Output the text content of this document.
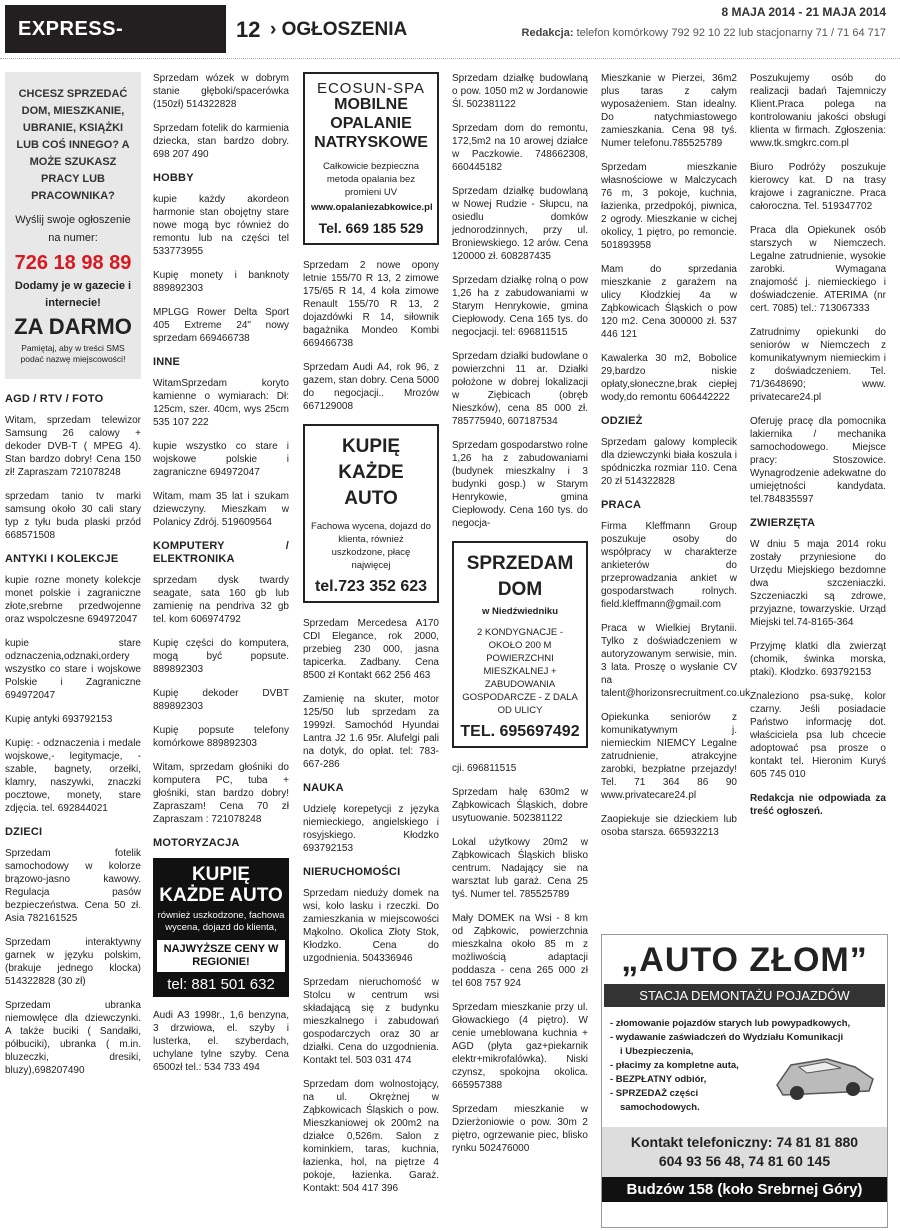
EXPRESS-	12 › OGŁOSZENIA
8 MAJA 2014 - 21 MAJA 2014
Redakcja: telefon komórkowy 792 92 10 22 lub stacjonarny 71 / 71 64 717
CHCESZ SPRZEDAĆ DOM, MIESZKANIE, UBRANIE, KSIĄŻKI LUB COŚ INNEGO? A MOŻE SZUKASZ PRACY LUB PRACOWNIKA?
Wyślij swoje ogłoszenie na numer:
726 18 98 89
Dodamy je w gazecie i internecie!
ZA DARMO
Pamiętaj, aby w treści SMS podać nazwę miejscowości!
AGD / RTV / FOTO

Witam, sprzedam telewizor Samsung 26 calowy + dekoder DVB-T ( MPEG 4). Stan bardzo dobry! Cena 150 zł! Zapraszam 721078248

sprzedam tanio tv marki samsung około 30 cali stary typ z tyłu buda plaski przód 668571508

ANTYKI I KOLEKCJE

kupie rozne monety kolekcje monet polskie i zagraniczne złote,srebrne przedwojenne oraz wspolczesne 694972047

kupie stare odznaczenia,odznaki,ordery wszystko co stare i wojskowe Polskie i Zagraniczne 694972047

Kupię antyki 693792153

Kupię: - odznaczenia i medale wojskowe,- legitymacje, - szable, bagnety, orzełki, klamry, naszywki, znaczki pocztowe, monety, stare zdjęcia. tel. 692844021

DZIECI

Sprzedam fotelik samochodowy w kolorze brązowo-jasno kawowy. Regulacja pasów bezpieczeństwa. Cena 50 zł. Asia 782161525

Sprzedam interaktywny garnek w języku polskim,(brakuje jednego klocka) 514322828 (30 zł)

Sprzedam ubranka niemowlęce dla dziewczynki. A także buciki ( Sandałki, półbuciki), ubranka ( m.in. bluzeczki, dresiki, bluzy),698207490

Sprzedam wózek w dobrym stanie głęboki/spacerówka (150zł) 514322828

Sprzedam fotelik do karmienia dziecka, stan bardzo dobry. 698 207 490

HOBBY

kupie każdy akordeon harmonie stan obojętny stare nowe mogą byc również do remontu lub na części tel 533773955

Kupię monety i banknoty 889892303

MPLGG Rower Delta Sport 405 Extreme 24" nowy sprzedam 669466738

INNE

WitamSprzedam koryto kamienne o wymiarach: Dł: 125cm, szer. 40cm, wys 25cm 535 107 222

kupie wszystko co stare i wojskowe polskie i zagraniczne 694972047

Witam, mam 35 lat i szukam dziewczyny. Mieszkam w Polanicy Zdrój. 519609564

KOMPUTERY / ELEKTRONIKA

sprzedam dysk twardy seagate, sata 160 gb lub zamienię na pendriva 32 gb tel. kom 606974792

Kupię części do komputera, mogą być popsute. 889892303

Kupię dekoder DVBT 889892303

Kupię popsute telefony komórkowe 889892303

Witam, sprzedam głośniki do komputera PC, tuba + głośniki, stan bardzo dobry! Zapraszam! Cena 70 zł Zapraszam : 721078248

MOTORYZACJA
KUPIĘ KAŻDE AUTO
również uszkodzone, fachowa wycena, dojazd do klienta,
NAJWYŻSZE CENY W REGIONIE!
tel: 881 501 632

Audi A3 1998r., 1,6 benzyna, 3 drzwiowa, el. szyby i lusterka, el. szyberdach, uchylane tylne szyby. Cena 6500zł tel.: 534 733 494

ECOSUN-SPA
MOBILNE OPALANIE NATRYSKOWE
Całkowicie bezpieczna metoda opalania bez promieni UV
www.opalaniezabkowice.pl
Tel. 669 185 529

Sprzedam 2 nowe opony letnie 155/70 R 13, 2 zimowe 175/65 R 14, 4 koła zimowe Renault 155/70 R 13, 2 dojazdówki R 14, siłownik bagażnika Mondeo Kombi 669466738

Sprzedam Audi A4, rok 96, z gazem, stan dobry. Cena 5000 do negocjacji.. Mrozów 667129008

KUPIĘ KAŻDE AUTO
Fachowa wycena, dojazd do klienta, również uszkodzone, płacę najwięcej
tel.723 352 623

Sprzedam Mercedesa A170 CDI Elegance, rok 2000, przebieg 230 000, jasna tapicerka. Zadbany. Cena 8500 zł Kontakt 662 256 463

Zamienię na skuter, motor 125/50 lub sprzedam za 1999zł. Samochód Hyundai Lantra J2 1.6 95r. Alufelgi pali na dotyk, do opłat. tel: 783-667-286

NAUKA

Udzielę korepetycji z języka niemieckiego, angielskiego i rosyjskiego. Kłodzko 693792153

NIERUCHOMOŚCI

Sprzedam nieduży domek na wsi, koło lasku i rzeczki. Do zamieszkania w miejscowości Mąkolno. Okolica Złoty Stok, Kłodzko. Cena do uzgodnienia. 504336946

Sprzedam nieruchomość w Stolcu w centrum wsi składającą się z budynku mieszkalnego i zabudowań gospodarczych oraz 30 ar działki. Cena do uzgodnienia. Kontakt tel. 503 031 474

Sprzedam dom wolnostojący, na ul. Okrężnej w Ząbkowicach Śląskich o pow. Mieszkaniowej ok 200m2 na działce 0,526m. Salon z kominkiem, taras, kuchnia, łazienka, hol, na piętrze 4 pokoje, łazienka. Garaż. Kontakt: 504 417 396

Sprzedam działkę budowlaną o pow. 1050 m2 w Jordanowie Śl. 502381122

Sprzedam dom do remontu, 172,5m2 na 10 arowej działce w Paczkowie. 748662308, 660445182

Sprzedam działkę budowlaną w Nowej Rudzie - Słupcu, na osiedlu domków jednorodzinnych, przy ul. Broniewskiego. 12 arów. Cena 120000 zł. 608287435

Sprzedam działkę rolną o pow 1,26 ha z zabudowaniami w Starym Henrykowie, gmina Ciepłowody. Cena 165 tys. do negocjacji. tel: 696811515

Sprzedam działki budowlane o powierzchni 11 ar. Działki położone w dobrej lokalizacji w Ziębicach (obręb Nieszków), cena 85 000 zł. 785775940, 607187534

Sprzedam gospodarstwo rolne 1,26 ha z zabudowaniami (budynek mieszkalny i 3 budynki gosp.) w Starym Henrykowie, gmina Ciepłowody. Cena 160 tys. do negocja-

SPRZEDAM DOM
w Niedźwiedniku
2 KONDYGNACJE - OKOŁO 200 M POWIERZCHNI MIESZKALNEJ + ZABUDOWANIA GOSPODARCZE - Z DALA OD ULICY
TEL. 695697492

cji. 696811515

Sprzedam halę 630m2 w Ząbkowicach Śląskich, dobre usytuowanie. 502381122

Lokal użytkowy 20m2 w Ząbkowicach Śląskich blisko centrum. Nadający sie na warsztat lub garaż. Cena 25 tyś. Numer tel. 785525789

Mały DOMEK na Wsi - 8 km od Ząbkowic, powierzchnia mieszkalna około 85 m z możliwością adaptacji poddasza - cena 265 000 zł tel 608 757 924

Sprzedam mieszkanie przy ul. Głowackiego (4 piętro). W cenie umeblowana kuchnia + AGD (płyta gaz+piekarnik elektr+mikrofalówka). Niski czynsz, spokojna okolica. 665957388

Sprzedam mieszkanie w Dzierżoniowie o pow. 30m 2 piętro, ogrzewanie piec, blisko rynku 502476000

Mieszkanie w Pierzei, 36m2 plus taras z całym wyposażeniem. Stan idealny. Do natychmiastowego zamieszkania. Cena 98 tyś. Numer telefonu.785525789

Sprzedam mieszkanie własnościowe w Malczycach 76 m, 3 pokoje, kuchnia, łazienka, przedpokój, piwnica, 2 ogrody. Mieszkanie w cichej okolicy, 1 piętro, po remoncie. 501893958

Mam do sprzedania mieszkanie z garażem na ulicy Kłodzkiej 4a w Ząbkowicach Śląskich o pow 120 m2. Cena 300000 zł. 537 446 121

Kawalerka 30 m2, Bobolice 29,bardzo niskie opłaty,słoneczne,brak ciepłej wody,do remontu 606442222

ODZIEŻ

Sprzedam galowy komplecik dla dziewczynki biała koszula i spódniczka rozmiar 110. Cena 20 zł 514322828

PRACA

Firma Kleffmann Group poszukuje osoby do współpracy w charakterze ankieterów do przeprowadzania ankiet w gospodarstwach rolnych. field.kleffmann@gmail.com

Praca w Wielkiej Brytanii. Tylko z doświadczeniem w autoryzowanym serwisie, min. 3 lata. Proszę o wysłanie CV na talent@horizonsrecruitment.co.uk

Opiekunka seniorów z komunikatywnym j. niemieckim NIEMCY Legalne zatrudnienie, atrakcyjne zarobki, bezpłatne przejazdy! Tel. 71 364 86 90 www.privatecare24.pl

Zaopiekuje sie dzieckiem lub osoba starsza. 665932213

Poszukujemy osób do realizacji badań Tajemniczy Klient.Praca polega na kontrolowaniu jakości obsługi klienta w firmach. Zgłoszenia: www.tk.smgkrc.com.pl

Biuro Podróży poszukuje kierowcy kat. D na trasy krajowe i zagraniczne. Praca całoroczna. Tel. 519347702

Praca dla Opiekunek osób starszych w Niemczech. Legalne zatrudnienie, wysokie zarobki. Wymagana znajomość j. niemieckiego i doświadczenie. ATERIMA (nr cert. 7085) tel.: 713067333

Zatrudnimy opiekunki do seniorów w Niemczech z komunikatywnym niemieckim i z doświadczeniem. Tel. 71/3648690; www. privatecare24.pl

Oferuję pracę dla pomocnika lakiernika / mechanika samochodowego. Miejsce pracy: Stoszowice. Wynagrodzenie adekwatne do umiejętności kandydata. tel.784835597

ZWIERZĘTA

W dniu 5 maja 2014 roku zostały przyniesione do Urzędu Miejskiego bezdomne dwa szczeniaczki. Szczeniaczki są zdrowe, przyjazne, towarzyskie. Urząd Miejski tel.74-8165-364

Przyjmę klatki dla zwierząt (chomik, świnka morska, ptaki). Kłodzko. 693792153

Znaleziono psa-sukę, kolor czarny. Jeśli posiadacie Państwo informację dot. właściciela psa lub chcecie adoptować psa prosze o kontakt tel. Hieronim Kuryś 605 745 010

Redakcja nie odpowiada za treść ogłoszeń.

„AUTO ZŁOM”
STACJA DEMONTAŻU POJAZDÓW
- złomowanie pojazdów starych lub powypadkowych,
- wydawanie zaświadczeń do Wydziału Komunikacji
i Ubezpieczenia,
- płacimy za kompletne auta,
- BEZPŁATNY odbiór,
- SPRZEDAŻ części
samochodowych.
Kontakt telefoniczny: 74 81 81 880
604 93 56 48, 74 81 60 145
Budzów 158 (koło Srebrnej Góry)
